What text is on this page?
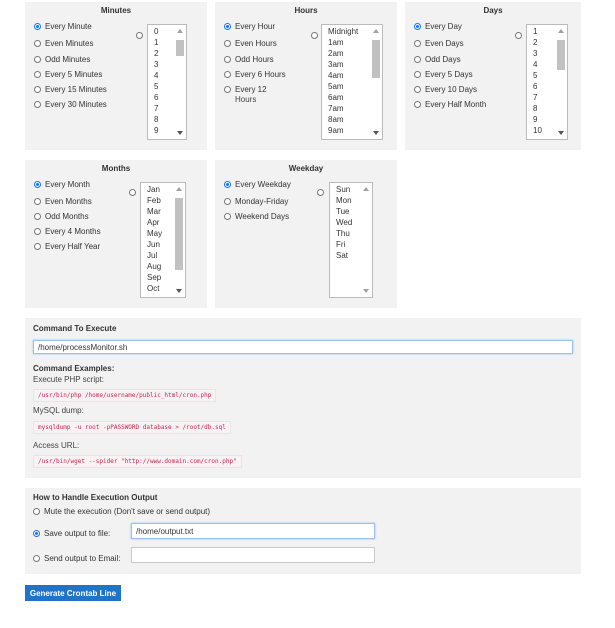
Minutes
Every Minute
Even Minutes
Odd Minutes
Every 5 Minutes
Every 15 Minutes
Every 30 Minutes
0
1
2
3
4
5
6
7
8
9
Hours
Every Hour
Even Hours
Odd Hours
Every 6 Hours
Every 12
Hours
Midnight
1am
2am
3am
4am
5am
6am
7am
8am
9am
Days
Every Day
Even Days
Odd Days
Every 5 Days
Every 10 Days
Every Half Month
1
2
3
4
5
6
7
8
9
10
Months
Every Month
Even Months
Odd Months
Every 4 Months
Every Half Year
Jan
Feb
Mar
Apr
May
Jun
Jul
Aug
Sep
Oct
Weekday
Every Weekday
Monday-Friday
Weekend Days
Sun
Mon
Tue
Wed
Thu
Fri
Sat
Command To Execute
/home/processMonitor.sh
Command Examples:
Execute PHP script:
/usr/bin/php /home/username/public_html/cron.php
MySQL dump:
mysqldump -u root -pPASSWORD database > /root/db.sql
Access URL:
/usr/bin/wget --spider "http://www.domain.com/cron.php"
How to Handle Execution Output
Mute the execution (Don't save or send output)
Save output to file:	/home/output.txt
Send output to Email:
Generate Crontab Line
